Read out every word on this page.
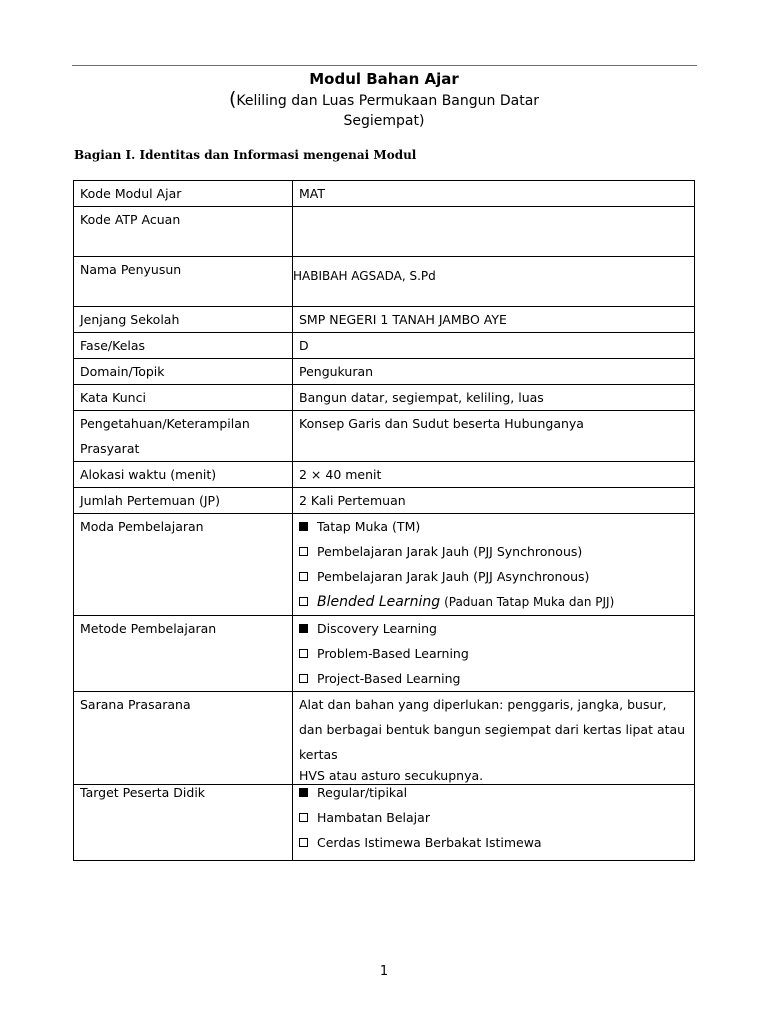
Modul Bahan Ajar
(Keliling dan Luas Permukaan Bangun Datar
Segiempat)
Bagian I. Identitas dan Informasi mengenai Modul
Kode Modul Ajar	MAT
Kode ATP Acuan	
Nama Penyusun	HABIBAH AGSADA, S.Pd
Jenjang Sekolah	SMP NEGERI 1 TANAH JAMBO AYE
Fase/Kelas	D
Domain/Topik	Pengukuran
Kata Kunci	Bangun datar, segiempat, keliling, luas

Pengetahuan/Keterampilan
Prasyarat	Konsep Garis dan Sudut beserta Hubunganya
Alokasi waktu (menit)	2 × 40 menit
Jumlah Pertemuan (JP)	2 Kali Pertemuan
Moda Pembelajaran	Tatap Muka (TM)
Pembelajaran Jarak Jauh (PJJ Synchronous)
Pembelajaran Jarak Jauh (PJJ Asynchronous)
Blended Learning (Paduan Tatap Muka dan PJJ)

Metode Pembelajaran	Discovery Learning
Problem-Based Learning
Project-Based Learning

Sarana Prasarana	Alat dan bahan yang diperlukan: penggaris, jangka, busur,
dan berbagai bentuk bangun segiempat dari kertas lipat atau
kertas
HVS atau asturo secukupnya.

Target Peserta Didik	Regular/tipikal
Hambatan Belajar
Cerdas Istimewa Berbakat Istimewa
1
